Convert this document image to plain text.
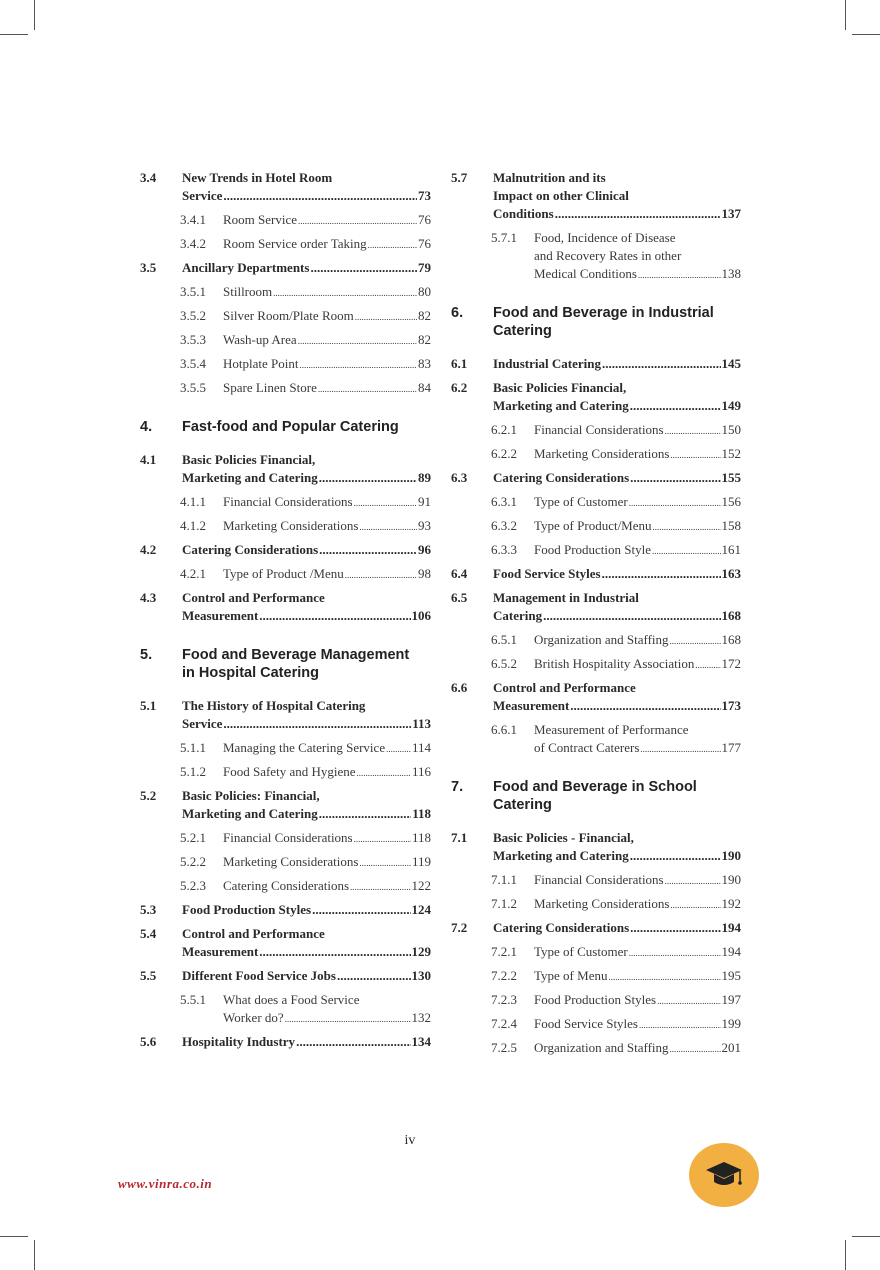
3.4 New Trends in Hotel Room
Service .....	73
3.4.1 Room Service .....	76
3.4.2 Room Service order Taking .....	76
3.5 Ancillary Departments .....	79
3.5.1 Stillroom .....	80
3.5.2 Silver Room/Plate Room .....	82
3.5.3 Wash-up Area .....	82
3.5.4 Hotplate Point .....	83
3.5.5 Spare Linen Store .....	84
4. Fast-food and Popular Catering
4.1 Basic Policies Financial,
Marketing and Catering .....	89
4.1.1 Financial Considerations .....	91
4.1.2 Marketing Considerations .....	93
4.2 Catering Considerations .....	96
4.2.1 Type of Product /Menu .....	98
4.3 Control and Performance
Measurement .....	106
5. Food and Beverage Management
in Hospital Catering
5.1 The History of Hospital Catering
Service .....	113
5.1.1 Managing the Catering Service ..... 114
5.1.2 Food Safety and Hygiene .....	116
5.2 Basic Policies: Financial,
Marketing and Catering .....	118
5.2.1 Financial Considerations .....	118
5.2.2 Marketing Considerations .....	119
5.2.3 Catering Considerations .....	122
5.3 Food Production Styles .....	124
5.4 Control and Performance
Measurement .....	129
5.5 Different Food Service Jobs .....	130
5.5.1 What does a Food Service
Worker do? .....	132
5.6 Hospitality Industry .....	134
5.7 Malnutrition and its
Impact on other Clinical
Conditions .....	137
5.7.1 Food, Incidence of Disease
and Recovery Rates in other
Medical Conditions .....	138
6. Food and Beverage in Industrial
Catering
6.1 Industrial Catering .....	145
6.2 Basic Policies Financial,
Marketing and Catering .....	149
6.2.1 Financial Considerations .....	150
6.2.2 Marketing Considerations .....	152
6.3 Catering Considerations .....	155
6.3.1 Type of Customer .....	156
6.3.2 Type of Product/Menu .....	158
6.3.3 Food Production Style .....	161
6.4 Food Service Styles .....	163
6.5 Management in Industrial
Catering .....	168
6.5.1 Organization and Staffing .....	168
6.5.2 British Hospitality Association ..... 172
6.6 Control and Performance
Measurement .....	173
6.6.1 Measurement of Performance
of Contract Caterers .....	177
7. Food and Beverage in School
Catering
7.1 Basic Policies - Financial,
Marketing and Catering .....	190
7.1.1 Financial Considerations .....	190
7.1.2 Marketing Considerations .....	192
7.2 Catering Considerations .....	194
7.2.1 Type of Customer .....	194
7.2.2 Type of Menu .....	195
7.2.3 Food Production Styles .....	197
7.2.4 Food Service Styles .....	199
7.2.5 Organization and Staffing .....	201
iv
www.vinra.co.in
